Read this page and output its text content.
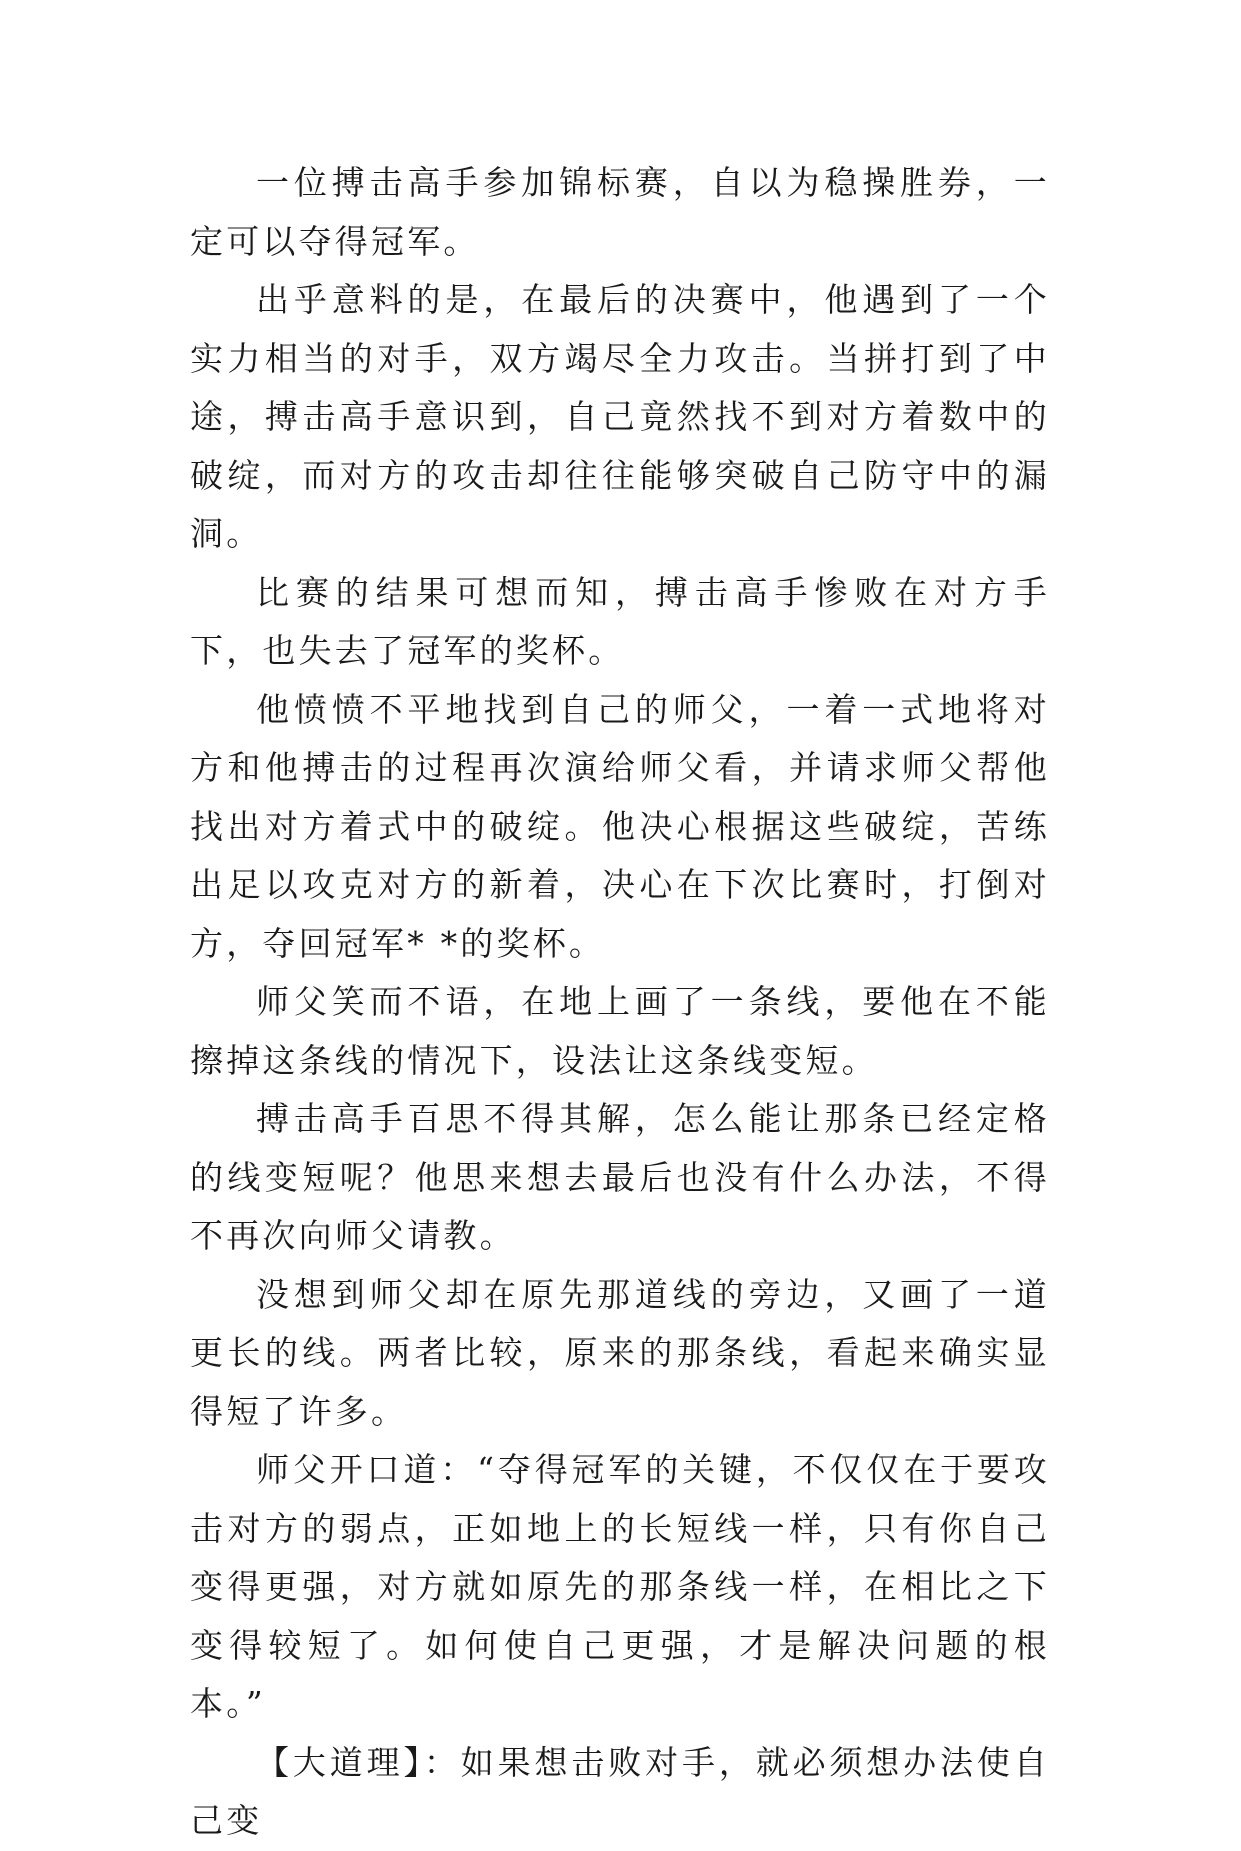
一位搏击高手参加锦标赛，自以为稳操胜券，一定可以夺得冠军。

出乎意料的是，在最后的决赛中，他遇到了一个实力相当的对手，双方竭尽全力攻击。当拼打到了中途，搏击高手意识到，自己竟然找不到对方着数中的破绽，而对方的攻击却往往能够突破自己防守中的漏洞。

比赛的结果可想而知，搏击高手惨败在对方手下，也失去了冠军的奖杯。

他愤愤不平地找到自己的师父，一着一式地将对方和他搏击的过程再次演给师父看，并请求师父帮他找出对方着式中的破绽。他决心根据这些破绽，苦练出足以攻克对方的新着，决心在下次比赛时，打倒对方，夺回冠军* *的奖杯。

师父笑而不语，在地上画了一条线，要他在不能擦掉这条线的情况下，设法让这条线变短。

搏击高手百思不得其解，怎么能让那条已经定格的线变短呢？他思来想去最后也没有什么办法，不得不再次向师父请教。

没想到师父却在原先那道线的旁边，又画了一道更长的线。两者比较，原来的那条线，看起来确实显得短了许多。

师父开口道：“夺得冠军的关键，不仅仅在于要攻击对方的弱点，正如地上的长短线一样，只有你自己变得更强，对方就如原先的那条线一样，在相比之下变得较短了。如何使自己更强，才是解决问题的根本。”

【大道理】：如果想击败对手，就必须想办法使自己变
